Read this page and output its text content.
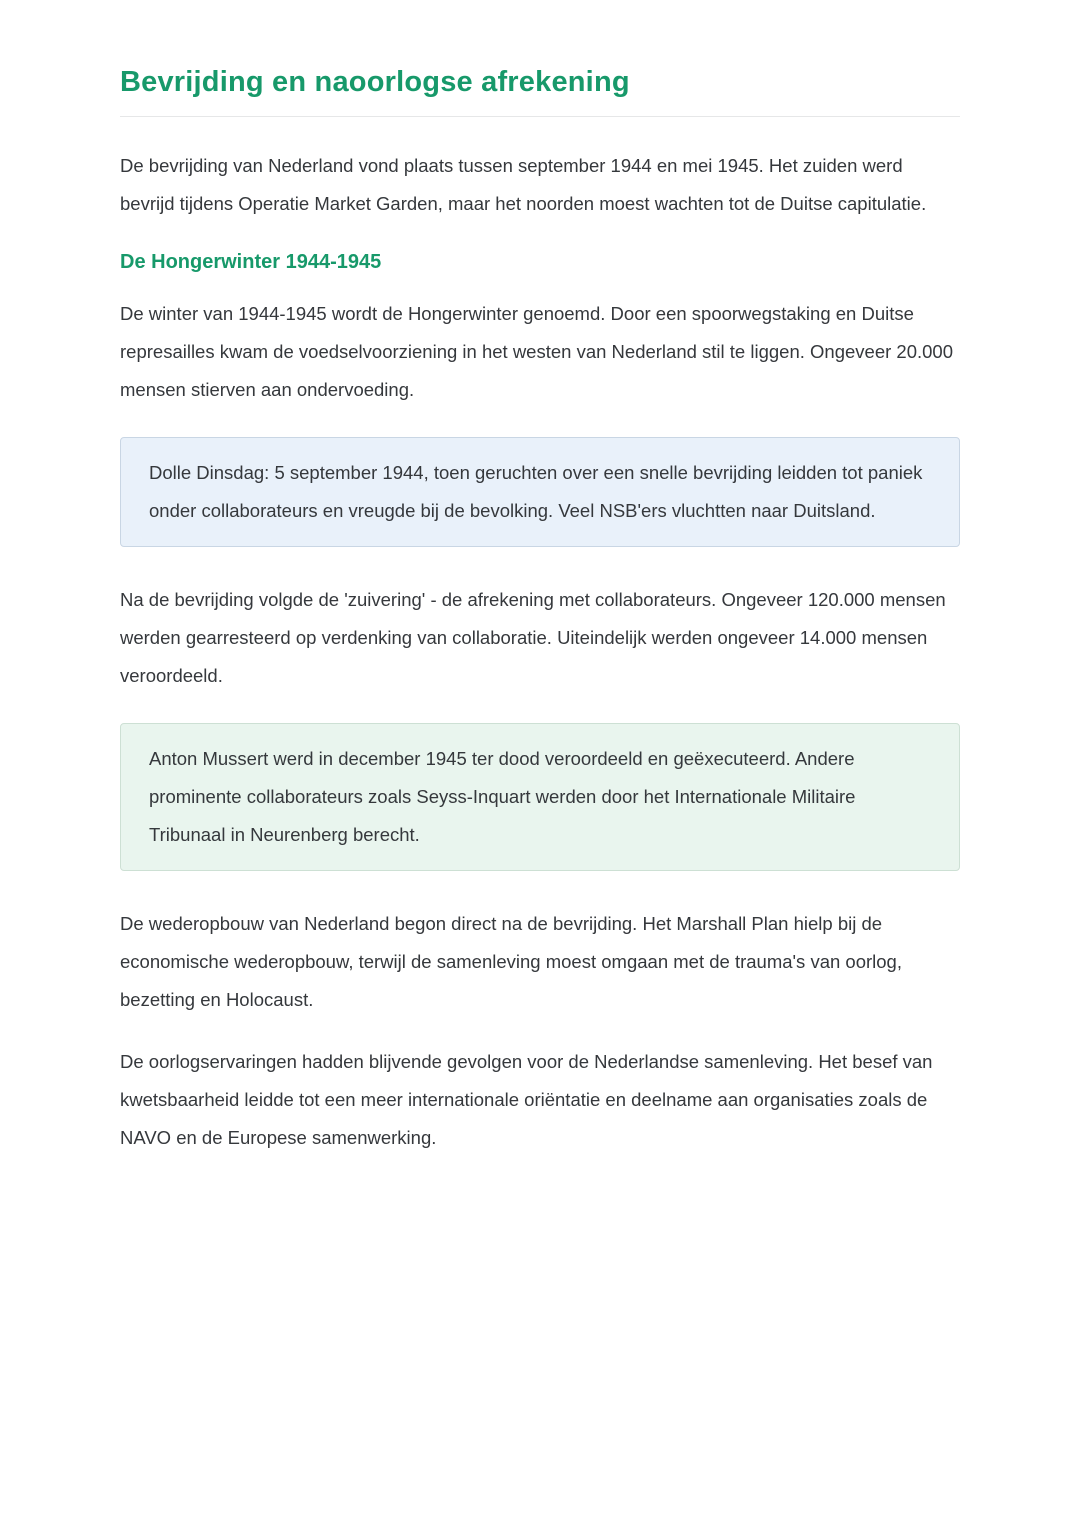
Bevrijding en naoorlogse afrekening

De bevrijding van Nederland vond plaats tussen september 1944 en mei 1945. Het zuiden werd bevrijd tijdens Operatie Market Garden, maar het noorden moest wachten tot de Duitse capitulatie.

De Hongerwinter 1944-1945

De winter van 1944-1945 wordt de Hongerwinter genoemd. Door een spoorwegstaking en Duitse represailles kwam de voedselvoorziening in het westen van Nederland stil te liggen. Ongeveer 20.000 mensen stierven aan ondervoeding.

Dolle Dinsdag: 5 september 1944, toen geruchten over een snelle bevrijding leidden tot paniek onder collaborateurs en vreugde bij de bevolking. Veel NSB'ers vluchtten naar Duitsland.

Na de bevrijding volgde de 'zuivering' - de afrekening met collaborateurs. Ongeveer 120.000 mensen werden gearresteerd op verdenking van collaboratie. Uiteindelijk werden ongeveer 14.000 mensen veroordeeld.

Anton Mussert werd in december 1945 ter dood veroordeeld en geëxecuteerd. Andere prominente collaborateurs zoals Seyss-Inquart werden door het Internationale Militaire Tribunaal in Neurenberg berecht.

De wederopbouw van Nederland begon direct na de bevrijding. Het Marshall Plan hielp bij de economische wederopbouw, terwijl de samenleving moest omgaan met de trauma's van oorlog, bezetting en Holocaust.

De oorlogservaringen hadden blijvende gevolgen voor de Nederlandse samenleving. Het besef van kwetsbaarheid leidde tot een meer internationale oriëntatie en deelname aan organisaties zoals de NAVO en de Europese samenwerking.
